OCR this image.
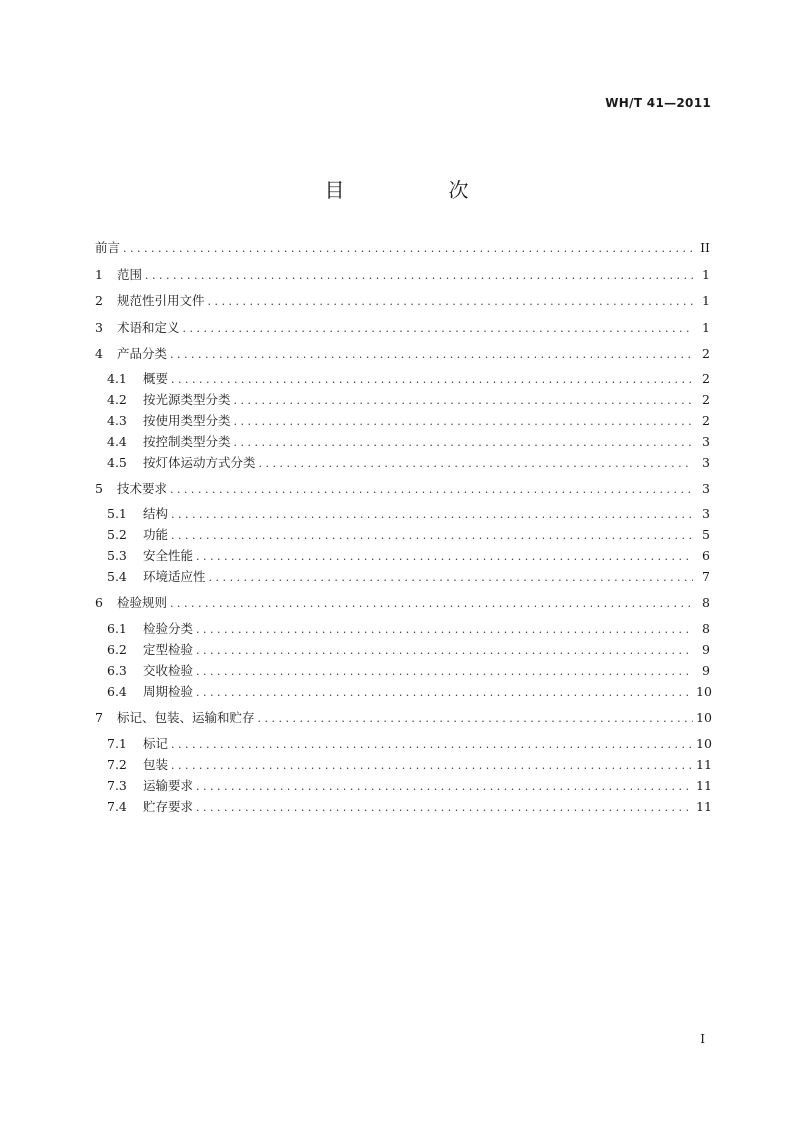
WH/T 41—2011
目　次
前言 . . .	II
1	范围 . . .	1
2	规范性引用文件 . . .	1
3	术语和定义 . . .	1
4	产品分类 . . .	2
4.1	概要 . . .	2
4.2	按光源类型分类 . . .	2
4.3	按使用类型分类 . . .	2
4.4	按控制类型分类 . . .	3
4.5	按灯体运动方式分类 . . .	3
5	技术要求 . . .	3
5.1	结构 . . .	3
5.2	功能 . . .	5
5.3	安全性能 . . .	6
5.4	环境适应性 . . .	7
6	检验规则 . . .	8
6.1	检验分类 . . .	8
6.2	定型检验 . . .	9
6.3	交收检验 . . .	9
6.4	周期检验 . . .	10
7	标记、包装、运输和贮存 . . .	10
7.1	标记 . . .	10
7.2	包装 . . .	11
7.3	运输要求 . . .	11
7.4	贮存要求 . . .	11
I
